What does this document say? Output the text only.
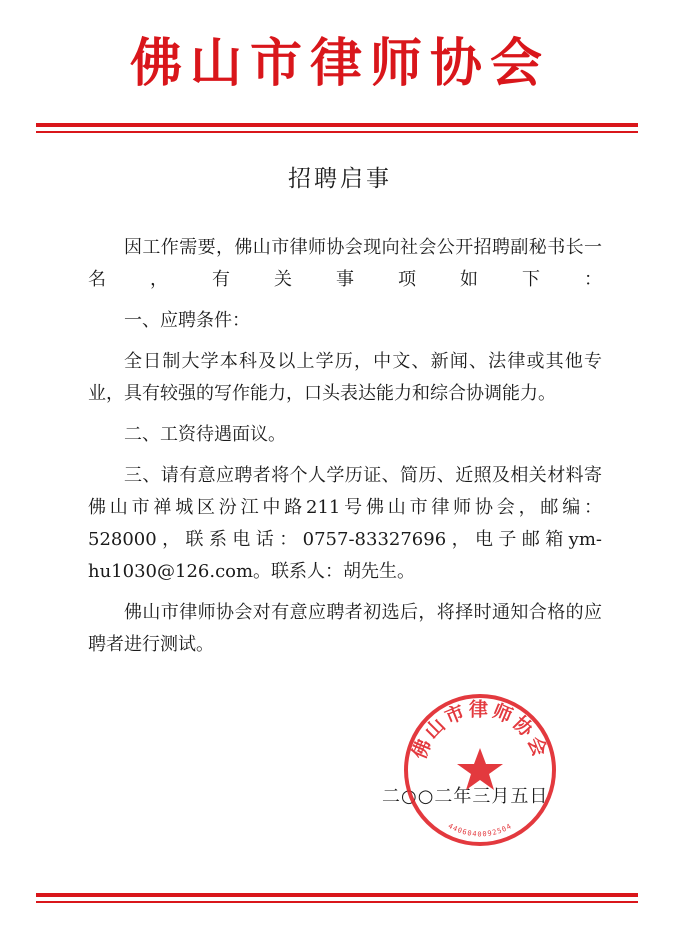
佛山市律师协会
招聘启事

因工作需要，佛山市律师协会现向社会公开招聘副秘书长一名，有关事项如下：

一、应聘条件：

全日制大学本科及以上学历，中文、新闻、法律或其他专业，具有较强的写作能力，口头表达能力和综合协调能力。

二、工资待遇面议。

三、请有意应聘者将个人学历证、简历、近照及相关材料寄佛山市禅城区汾江中路211号佛山市律师协会，邮编：528000，联系电话：0757-83327696，电子邮箱ym-hu1030@126.com。联系人：胡先生。

佛山市律师协会对有意应聘者初选后，将择时通知合格的应聘者进行测试。

二○○二年三月五日
佛山市律师协会
4406040092504
